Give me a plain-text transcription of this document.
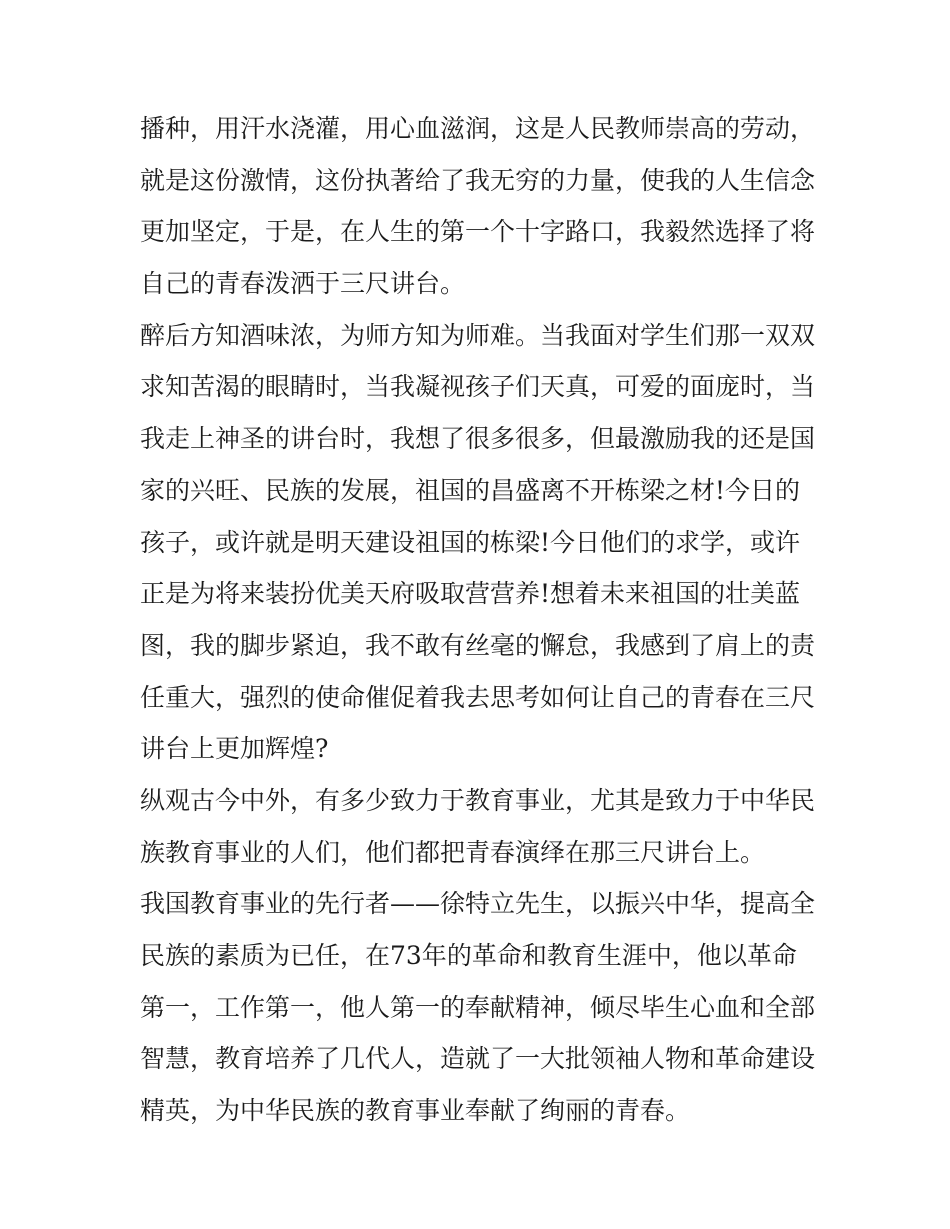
播种，用汗水浇灌，用心血滋润，这是人民教师崇高的劳动，
就是这份激情，这份执著给了我无穷的力量，使我的人生信念
更加坚定，于是，在人生的第一个十字路口，我毅然选择了将
自己的青春泼洒于三尺讲台。
醉后方知酒味浓，为师方知为师难。当我面对学生们那一双双
求知苦渴的眼睛时，当我凝视孩子们天真，可爱的面庞时，当
我走上神圣的讲台时，我想了很多很多，但最激励我的还是国
家的兴旺、民族的发展，祖国的昌盛离不开栋梁之材!今日的
孩子，或许就是明天建设祖国的栋梁!今日他们的求学，或许
正是为将来装扮优美天府吸取营营养!想着未来祖国的壮美蓝
图，我的脚步紧迫，我不敢有丝毫的懈怠，我感到了肩上的责
任重大，强烈的使命催促着我去思考如何让自己的青春在三尺
讲台上更加辉煌?
纵观古今中外，有多少致力于教育事业，尤其是致力于中华民
族教育事业的人们，他们都把青春演绎在那三尺讲台上。
我国教育事业的先行者——徐特立先生，以振兴中华，提高全
民族的素质为已任，在73年的革命和教育生涯中，他以革命
第一，工作第一，他人第一的奉献精神，倾尽毕生心血和全部
智慧，教育培养了几代人，造就了一大批领袖人物和革命建设
精英，为中华民族的教育事业奉献了绚丽的青春。
